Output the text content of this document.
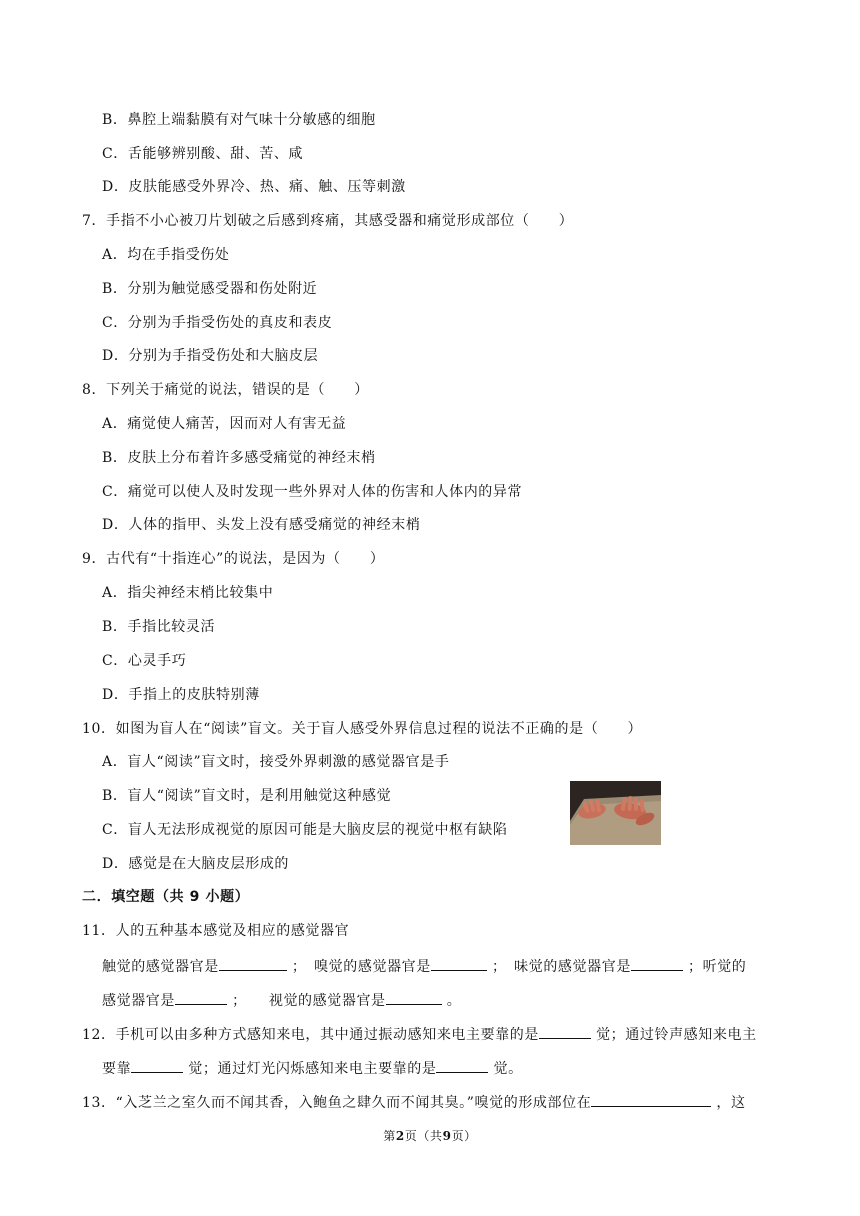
B．鼻腔上端黏膜有对气味十分敏感的细胞
C．舌能够辨别酸、甜、苦、咸
D．皮肤能感受外界冷、热、痛、触、压等刺激
7．手指不小心被刀片划破之后感到疼痛，其感受器和痛觉形成部位（　　）
A．均在手指受伤处
B．分别为触觉感受器和伤处附近
C．分别为手指受伤处的真皮和表皮
D．分别为手指受伤处和大脑皮层
8．下列关于痛觉的说法，错误的是（　　）
A．痛觉使人痛苦，因而对人有害无益
B．皮肤上分布着许多感受痛觉的神经末梢
C．痛觉可以使人及时发现一些外界对人体的伤害和人体内的异常
D．人体的指甲、头发上没有感受痛觉的神经末梢
9．古代有“十指连心”的说法，是因为（　　）
A．指尖神经末梢比较集中
B．手指比较灵活
C．心灵手巧
D．手指上的皮肤特别薄
10．如图为盲人在“阅读”盲文。关于盲人感受外界信息过程的说法不正确的是（　　）
A．盲人“阅读”盲文时，接受外界刺激的感觉器官是手
B．盲人“阅读”盲文时，是利用触觉这种感觉
C．盲人无法形成视觉的原因可能是大脑皮层的视觉中枢有缺陷
D．感觉是在大脑皮层形成的
二．填空题（共 9 小题）
11．人的五种基本感觉及相应的感觉器官
触觉的感觉器官是	；　嗅觉的感觉器官是	；　味觉的感觉器官是	；听觉的
感觉器官是	；　　视觉的感觉器官是	。
12．手机可以由多种方式感知来电，其中通过振动感知来电主要靠的是	觉；通过铃声感知来电主
要靠	觉；通过灯光闪烁感知来电主要靠的是	觉。
13．“入芝兰之室久而不闻其香，入鲍鱼之肆久而不闻其臭。”嗅觉的形成部位在	，这
第2页（共9页）
